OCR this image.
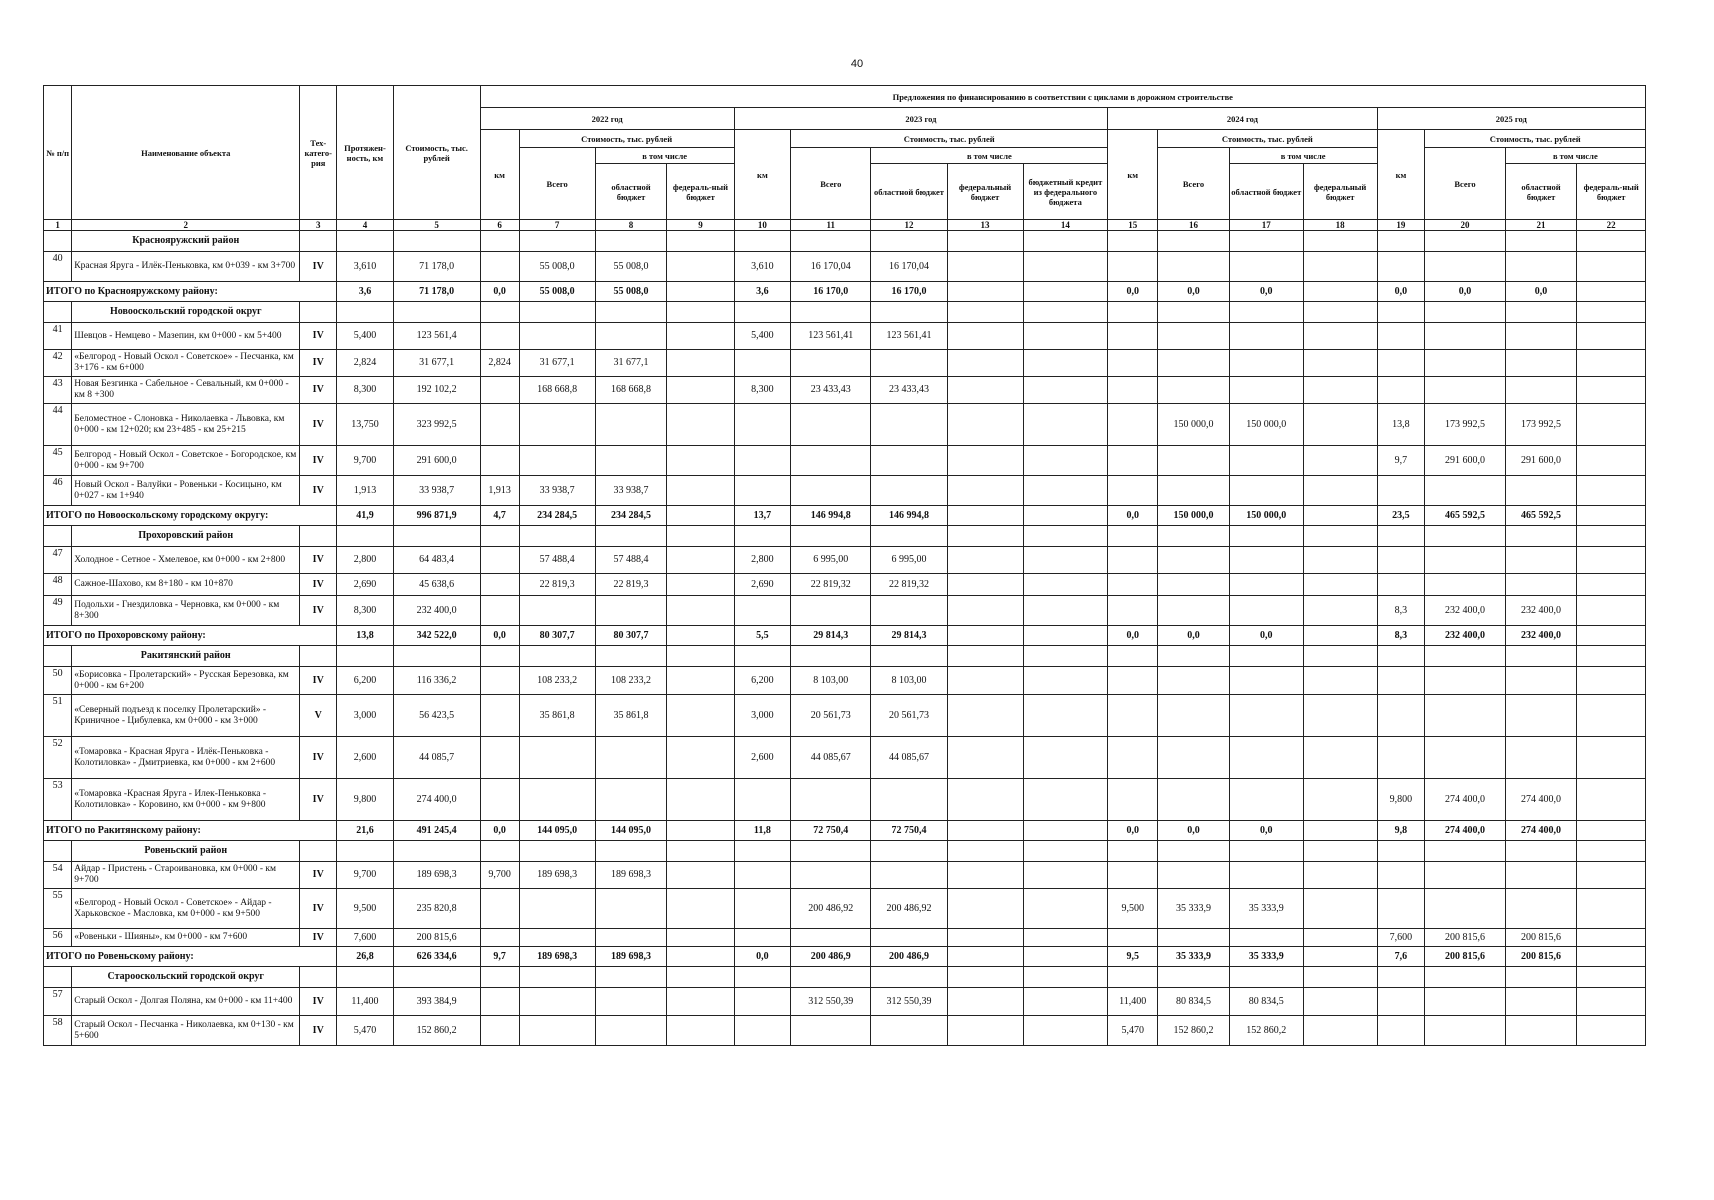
40
№ п/п	Наименование объекта	Тех-катего-рия	Протяжен-ность, км	Стоимость, тыс. рублей	Предложения по финансированию в соответствии с циклами в дорожном строительстве																
					2022 год				2023 год					2024 год				2025 год			
					км	Стоимость, тыс. рублей			км	Стоимость, тыс. рублей				км	Стоимость, тыс. рублей			км	Стоимость, тыс. рублей		
						Всего	в том числе			Всего	в том числе				Всего	в том числе			Всего	в том числе	
							областной бюджет	федераль-ный бюджет			областной бюджет	федеральный бюджет	бюджетный кредит из федерального бюджета			областной бюджет	федеральный бюджет			областной бюджет	федераль-ный бюджет
1	2	3	4	5	6	7	8	9	10	11	12	13	14	15	16	17	18	19	20	21	22
	Краснояружский район																				
40	Красная Яруга - Илёк-Пеньковка, км 0+039 - км 3+700	IV	3,610	71 178,0		55 008,0	55 008,0		3,610	16 170,04	16 170,04										
ИТОГО по Краснояружскому району:			3,6	71 178,0	0,0	55 008,0	55 008,0		3,6	16 170,0	16 170,0			0,0	0,0	0,0		0,0	0,0	0,0	
	Новооскольский городской округ																				
41	Шевцов - Немцево - Мазепин, км 0+000 - км 5+400	IV	5,400	123 561,4					5,400	123 561,41	123 561,41										
42	«Белгород - Новый Оскол - Советское» - Песчанка, км 3+176 - км 6+000	IV	2,824	31 677,1	2,824	31 677,1	31 677,1														
43	Новая Безгинка - Сабельное - Севальный, км 0+000 - км 8 +300	IV	8,300	192 102,2		168 668,8	168 668,8		8,300	23 433,43	23 433,43										
44	Беломестное - Слоновка - Николаевка - Львовка, км 0+000 - км 12+020; км 23+485 - км 25+215	IV	13,750	323 992,5											150 000,0	150 000,0		13,8	173 992,5	173 992,5	
45	Белгород - Новый Оскол - Советское - Богородское, км 0+000 - км 9+700	IV	9,700	291 600,0														9,7	291 600,0	291 600,0	
46	Новый Оскол - Валуйки - Ровеньки - Косицыно, км 0+027 - км 1+940	IV	1,913	33 938,7	1,913	33 938,7	33 938,7														
ИТОГО по Новооскольскому городскому округу:			41,9	996 871,9	4,7	234 284,5	234 284,5		13,7	146 994,8	146 994,8			0,0	150 000,0	150 000,0		23,5	465 592,5	465 592,5	
	Прохоровский район																				
47	Холодное - Сетное - Хмелевое, км 0+000 - км 2+800	IV	2,800	64 483,4		57 488,4	57 488,4		2,800	6 995,00	6 995,00										
48	Сажное-Шахово, км 8+180 - км 10+870	IV	2,690	45 638,6		22 819,3	22 819,3		2,690	22 819,32	22 819,32										
49	Подольхи - Гнездиловка - Черновка, км 0+000 - км 8+300	IV	8,300	232 400,0														8,3	232 400,0	232 400,0	
ИТОГО по Прохоровскому району:			13,8	342 522,0	0,0	80 307,7	80 307,7		5,5	29 814,3	29 814,3			0,0	0,0	0,0		8,3	232 400,0	232 400,0	
	Ракитянский район																				
50	«Борисовка - Пролетарский» - Русская Березовка, км 0+000 - км 6+200	IV	6,200	116 336,2		108 233,2	108 233,2		6,200	8 103,00	8 103,00										
51	«Северный подъезд к поселку Пролетарский» - Криничное - Цибулевка, км 0+000 - км 3+000	V	3,000	56 423,5		35 861,8	35 861,8		3,000	20 561,73	20 561,73										
52	«Томаровка - Красная Яруга - Илёк-Пеньковка - Колотиловка» - Дмитриевка, км 0+000 - км 2+600	IV	2,600	44 085,7					2,600	44 085,67	44 085,67										
53	«Томаровка -Красная Яруга - Илек-Пеньковка - Колотиловка» - Коровино, км 0+000 - км 9+800	IV	9,800	274 400,0														9,800	274 400,0	274 400,0	
ИТОГО по Ракитянскому району:			21,6	491 245,4	0,0	144 095,0	144 095,0		11,8	72 750,4	72 750,4			0,0	0,0	0,0		9,8	274 400,0	274 400,0	
	Ровеньский район																				
54	Айдар - Пристень - Староивановка, км 0+000 - км 9+700	IV	9,700	189 698,3	9,700	189 698,3	189 698,3														
55	«Белгород - Новый Оскол - Советское» - Айдар - Харьковское - Масловка, км 0+000 - км 9+500	IV	9,500	235 820,8						200 486,92	200 486,92			9,500	35 333,9	35 333,9					
56	«Ровеньки - Шияны», км 0+000 - км 7+600	IV	7,600	200 815,6														7,600	200 815,6	200 815,6	
ИТОГО по Ровеньскому району:			26,8	626 334,6	9,7	189 698,3	189 698,3		0,0	200 486,9	200 486,9			9,5	35 333,9	35 333,9		7,6	200 815,6	200 815,6	
	Старооскольский городской округ																				
57	Старый Оскол - Долгая Поляна, км 0+000 - км 11+400	IV	11,400	393 384,9						312 550,39	312 550,39			11,400	80 834,5	80 834,5					
58	Старый Оскол - Песчанка - Николаевка, км 0+130 - км 5+600	IV	5,470	152 860,2										5,470	152 860,2	152 860,2					
